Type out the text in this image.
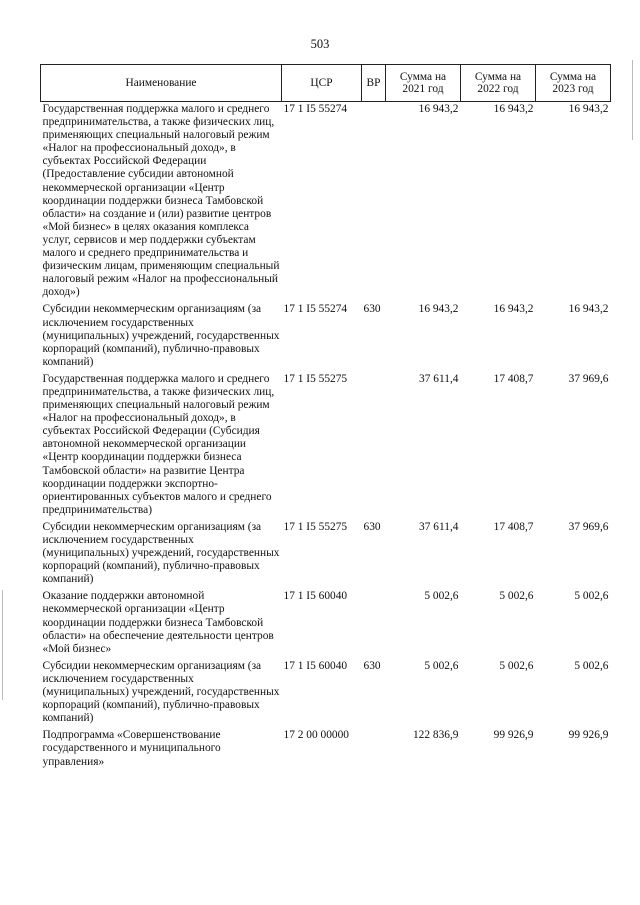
503
Наименование	ЦСР	ВР	Сумма на 2021 год	Сумма на 2022 год	Сумма на 2023 год
Государственная поддержка малого и среднего предпринимательства, а также физических лиц, применяющих специальный налоговый режим «Налог на профессиональный доход», в субъектах Российской Федерации (Предоставление субсидии автономной некоммерческой организации «Центр координации поддержки бизнеса Тамбовской области» на создание и (или) развитие центров «Мой бизнес» в целях оказания комплекса услуг, сервисов и мер поддержки субъектам малого и среднего предпринимательства и физическим лицам, применяющим специальный налоговый режим «Налог на профессиональный доход»)	17 1 I5 55274		16 943,2	16 943,2	16 943,2
Субсидии некоммерческим организациям (за исключением государственных (муниципальных) учреждений, государственных корпораций (компаний), публично-правовых компаний)	17 1 I5 55274	630	16 943,2	16 943,2	16 943,2
Государственная поддержка малого и среднего предпринимательства, а также физических лиц, применяющих специальный налоговый режим «Налог на профессиональный доход», в субъектах Российской Федерации (Субсидия автономной некоммерческой организации «Центр координации поддержки бизнеса Тамбовской области» на развитие Центра координации поддержки экспортно-ориентированных субъектов малого и среднего предпринимательства)	17 1 I5 55275		37 611,4	17 408,7	37 969,6
Субсидии некоммерческим организациям (за исключением государственных (муниципальных) учреждений, государственных корпораций (компаний), публично-правовых компаний)	17 1 I5 55275	630	37 611,4	17 408,7	37 969,6
Оказание поддержки автономной некоммерческой организации «Центр координации поддержки бизнеса Тамбовской области» на обеспечение деятельности центров «Мой бизнес»	17 1 I5 60040		5 002,6	5 002,6	5 002,6
Субсидии некоммерческим организациям (за исключением государственных (муниципальных) учреждений, государственных корпораций (компаний), публично-правовых компаний)	17 1 I5 60040	630	5 002,6	5 002,6	5 002,6
Подпрограмма «Совершенствование государственного и муниципального управления»	17 2 00 00000		122 836,9	99 926,9	99 926,9
